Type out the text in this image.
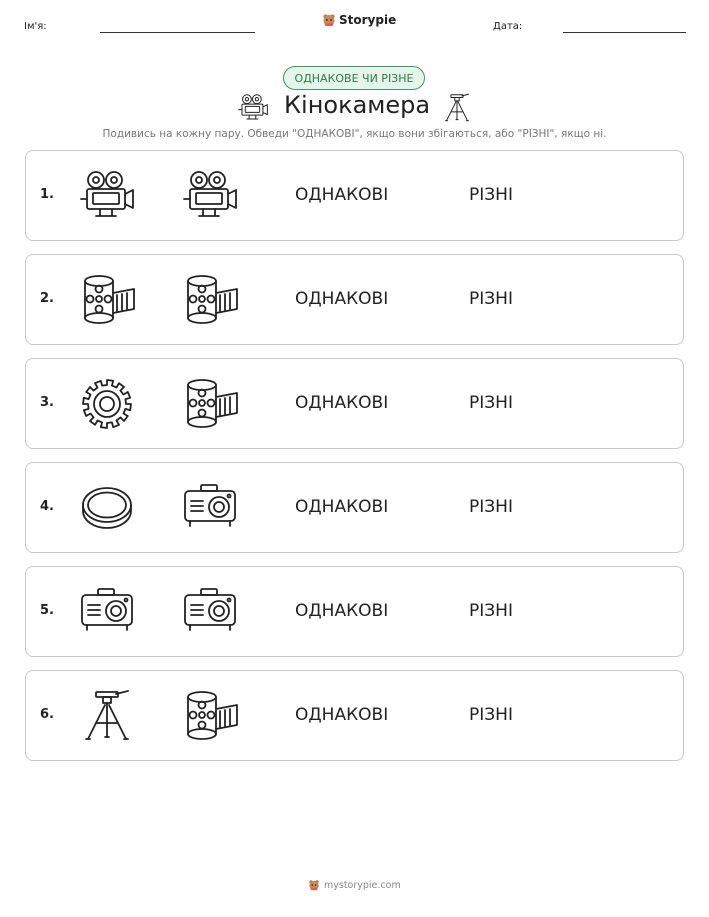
Ім'я:	Storypie	Дата:
ОДНАКОВЕ ЧИ РІЗНЕ
Кінокамера
Подивись на кожну пару. Обведи "ОДНАКОВІ", якщо вони збігаються, або "РІЗНІ", якщо ні.
1.	ОДНАКОВІ	РІЗНІ
2.	ОДНАКОВІ	РІЗНІ
3.	ОДНАКОВІ	РІЗНІ
4.	ОДНАКОВІ	РІЗНІ
5.	ОДНАКОВІ	РІЗНІ
6.	ОДНАКОВІ	РІЗНІ
mystorypie.com
